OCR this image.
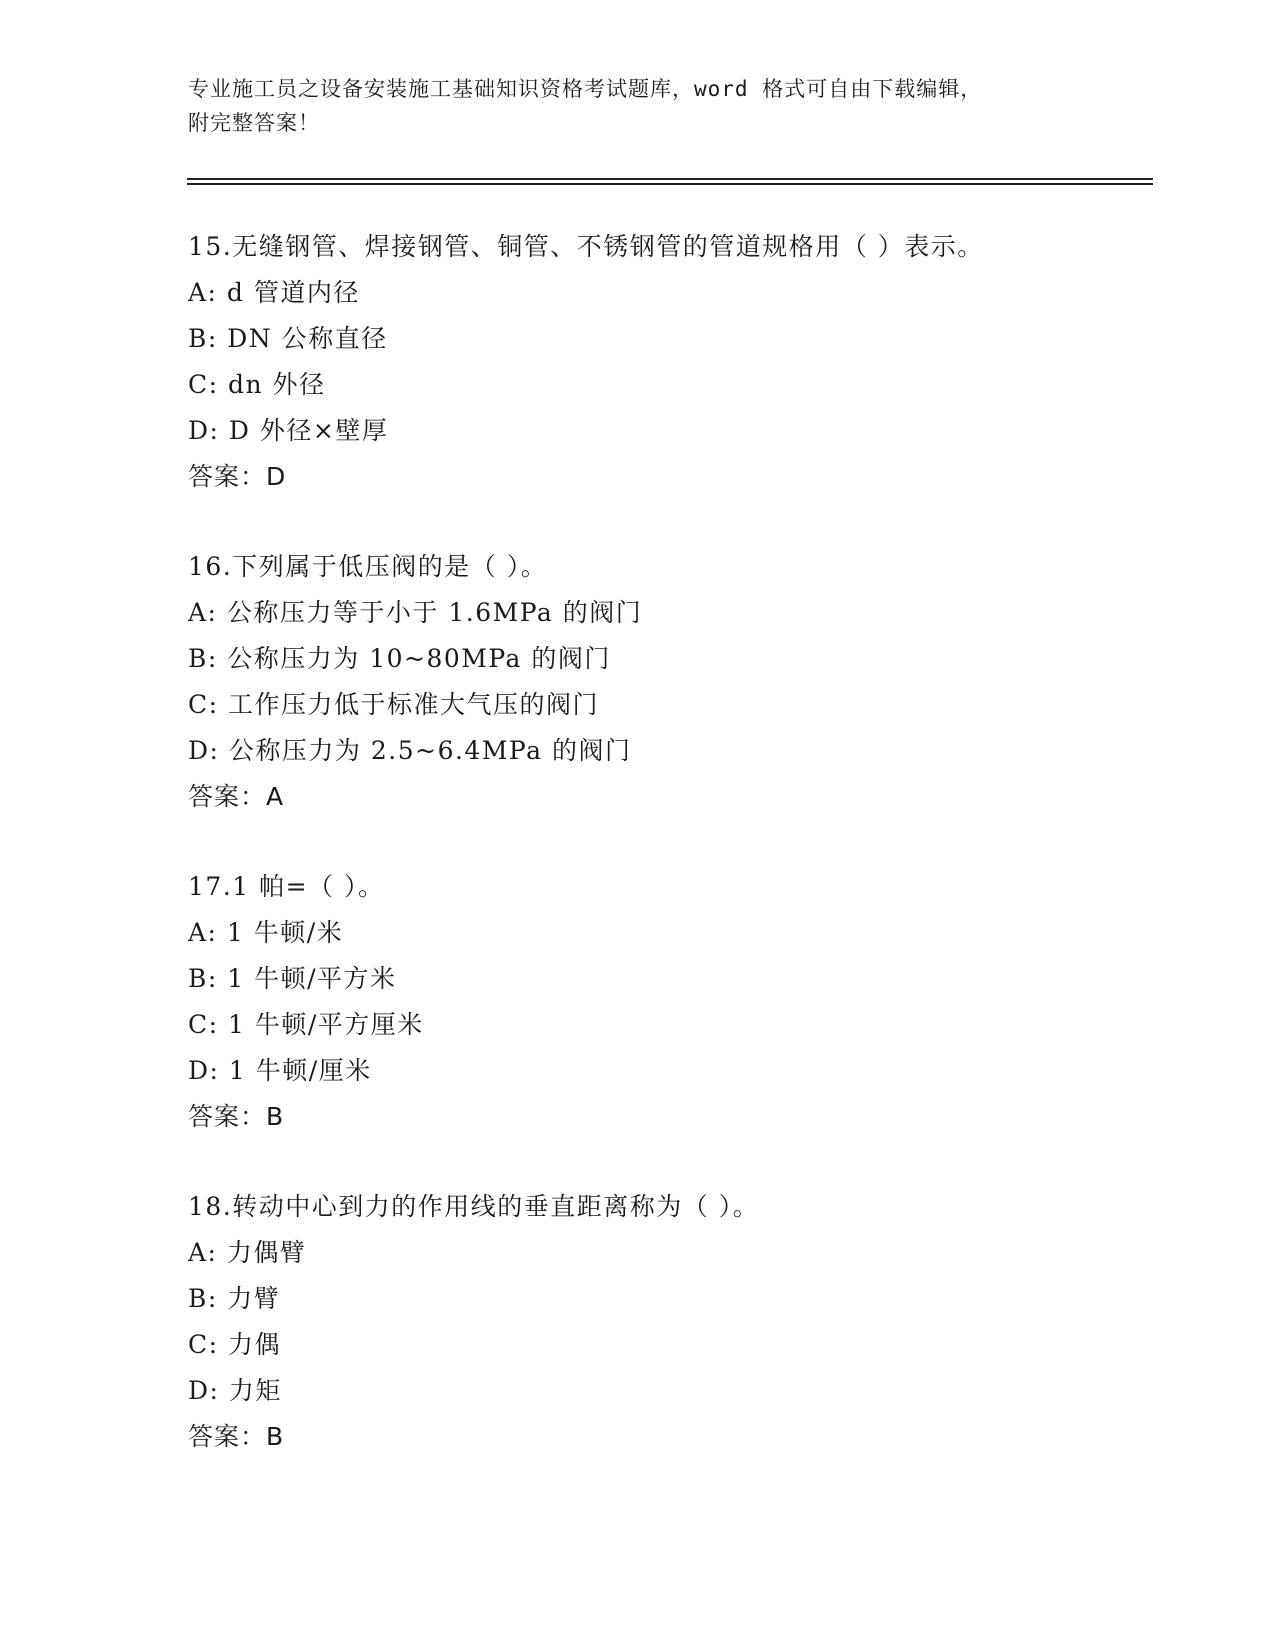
专业施工员之设备安装施工基础知识资格考试题库，word 格式可自由下载编辑，
附完整答案！
15.无缝钢管、焊接钢管、铜管、不锈钢管的管道规格用（ ）表示。
A: d 管道内径
B: DN 公称直径
C: dn 外径
D: D 外径×壁厚
答案：D
16.下列属于低压阀的是（ ）。
A: 公称压力等于小于 1.6MPa 的阀门
B: 公称压力为 10~80MPa 的阀门
C: 工作压力低于标准大气压的阀门
D: 公称压力为 2.5~6.4MPa 的阀门
答案：A
17.1 帕=（ ）。
A: 1 牛顿/米
B: 1 牛顿/平方米
C: 1 牛顿/平方厘米
D: 1 牛顿/厘米
答案：B
18.转动中心到力的作用线的垂直距离称为（ ）。
A: 力偶臂
B: 力臂
C: 力偶
D: 力矩
答案：B
